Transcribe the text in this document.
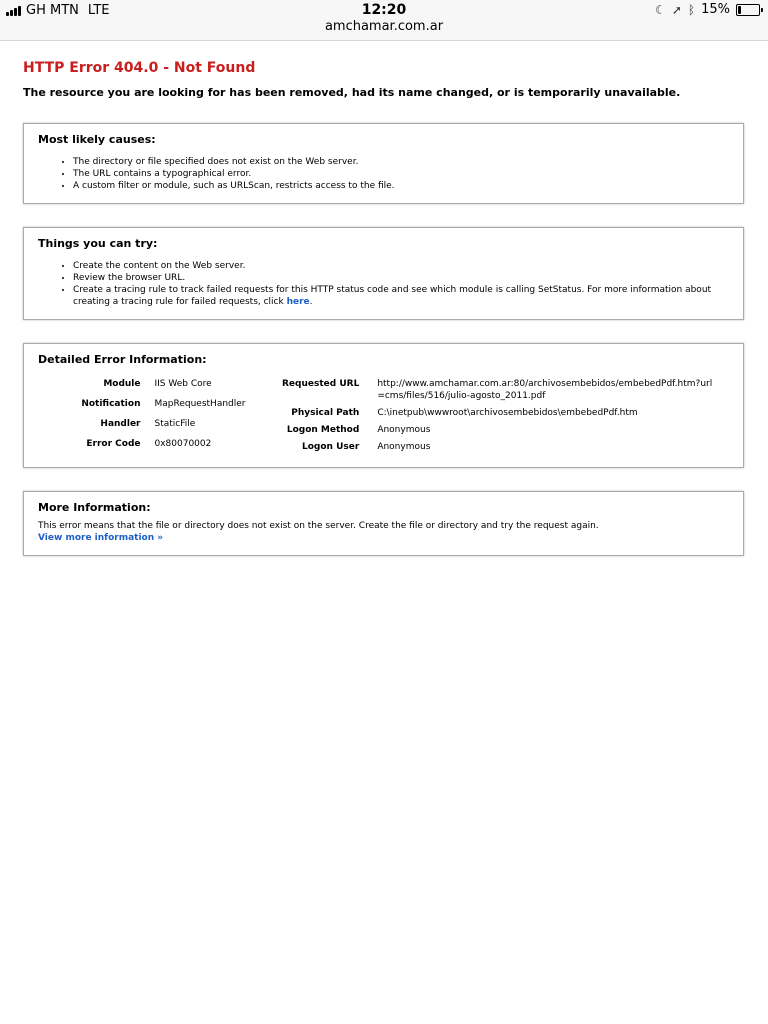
GH MTN LTE	12:20
amchamar.com.ar
☾ ➚ ᛒ 15%
HTTP Error 404.0 - Not Found

The resource you are looking for has been removed, had its name changed, or is temporarily unavailable.

Most likely causes:
• The directory or file specified does not exist on the Web server.
• The URL contains a typographical error.
• A custom filter or module, such as URLScan, restricts access to the file.
Things you can try:
• Create the content on the Web server.
• Review the browser URL.
• Create a tracing rule to track failed requests for this HTTP status code and see which module is calling SetStatus. For more information about creating a tracing rule for failed requests, click here.
Detailed Error Information:
Module	IIS Web Core
Notification	MapRequestHandler
Handler	StaticFile
Error Code	0x80070002
Requested URL	http://www.amchamar.com.ar:80/archivosembebidos/embebedPdf.htm?url=cms/files/516/julio-agosto_2011.pdf
Physical Path	C:\inetpub\wwwroot\archivosembebidos\embebedPdf.htm
Logon Method	Anonymous
Logon User	Anonymous
More Information:

This error means that the file or directory does not exist on the server. Create the file or directory and try the request again.

View more information »
